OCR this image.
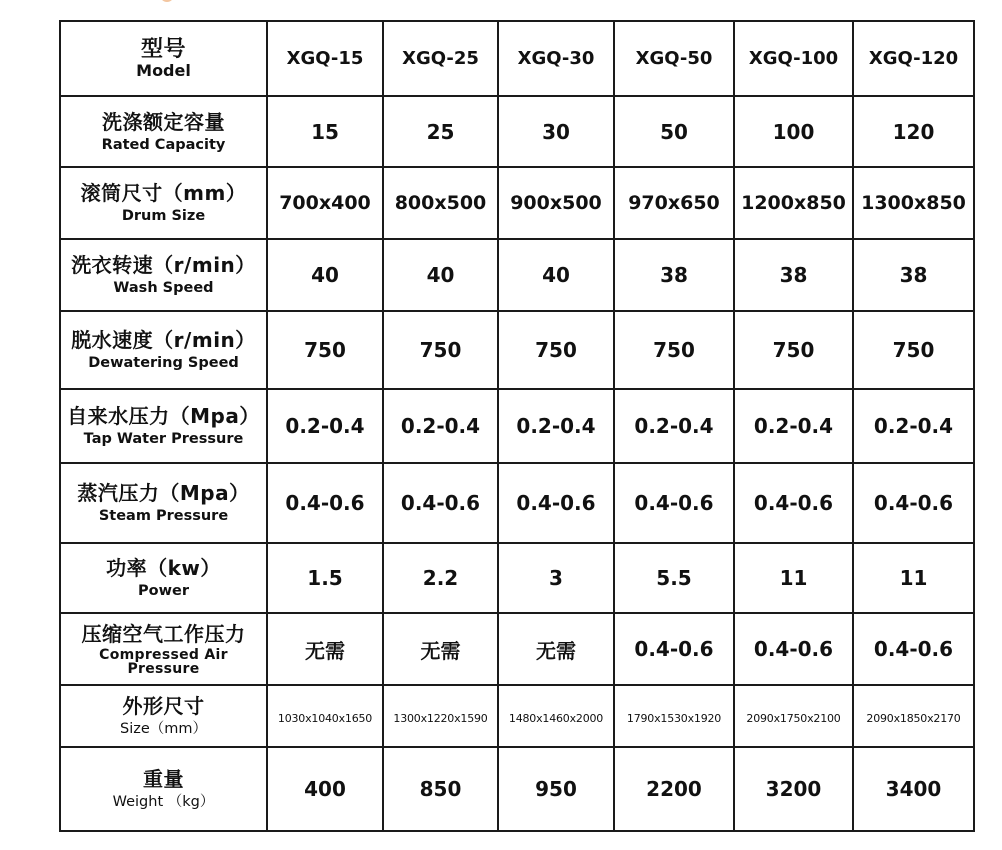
型号
Model	XGQ-15	XGQ-25	XGQ-30	XGQ-50	XGQ-100	XGQ-120

洗涤额定容量
Rated Capacity	15	25	30	50	100	120

滚筒尺寸（mm）
Drum Size	700x400	800x500	900x500	970x650	1200x850	1300x850

洗衣转速（r/min）
Wash Speed	40	40	40	38	38	38

脱水速度（r/min）
Dewatering Speed	750	750	750	750	750	750

自来水压力（Mpa）
Tap Water Pressure	0.2-0.4	0.2-0.4	0.2-0.4	0.2-0.4	0.2-0.4	0.2-0.4

蒸汽压力（Mpa）
Steam Pressure	0.4-0.6	0.4-0.6	0.4-0.6	0.4-0.6	0.4-0.6	0.4-0.6

功率（kw）
Power	1.5	2.2	3	5.5	11	11

压缩空气工作压力
Compressed Air
Pressure	无需	无需	无需	0.4-0.6	0.4-0.6	0.4-0.6

外形尺寸
Size（mm）	1030x1040x1650	1300x1220x1590	1480x1460x2000	1790x1530x1920	2090x1750x2100	2090x1850x2170

重量
Weight （kg）	400	850	950	2200	3200	3400
